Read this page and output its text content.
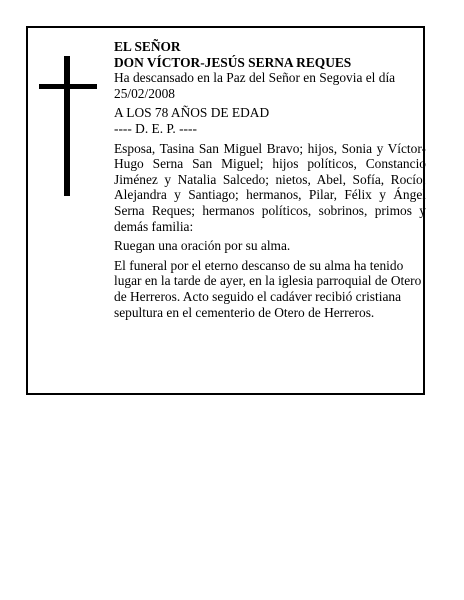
EL SEÑOR

DON VÍCTOR-JESÚS SERNA REQUES

Ha descansado en la Paz del Señor en Segovia el día 25/02/2008

A LOS 78 AÑOS DE EDAD

---- D. E. P. ----

Esposa, Tasina San Miguel Bravo; hijos, Sonia y Víctor-Hugo Serna San Miguel; hijos políticos, Constancio Jiménez y Natalia Salcedo; nietos, Abel, Sofía, Rocío, Alejandra y Santiago; hermanos, Pilar, Félix y Ángel Serna Reques; hermanos políticos, sobrinos, primos y demás familia:

Ruegan una oración por su alma.

El funeral por el eterno descanso de su alma ha tenido lugar en la tarde de ayer, en la iglesia parroquial de Otero de Herreros. Acto seguido el cadáver recibió cristiana sepultura en el cementerio de Otero de Herreros.
